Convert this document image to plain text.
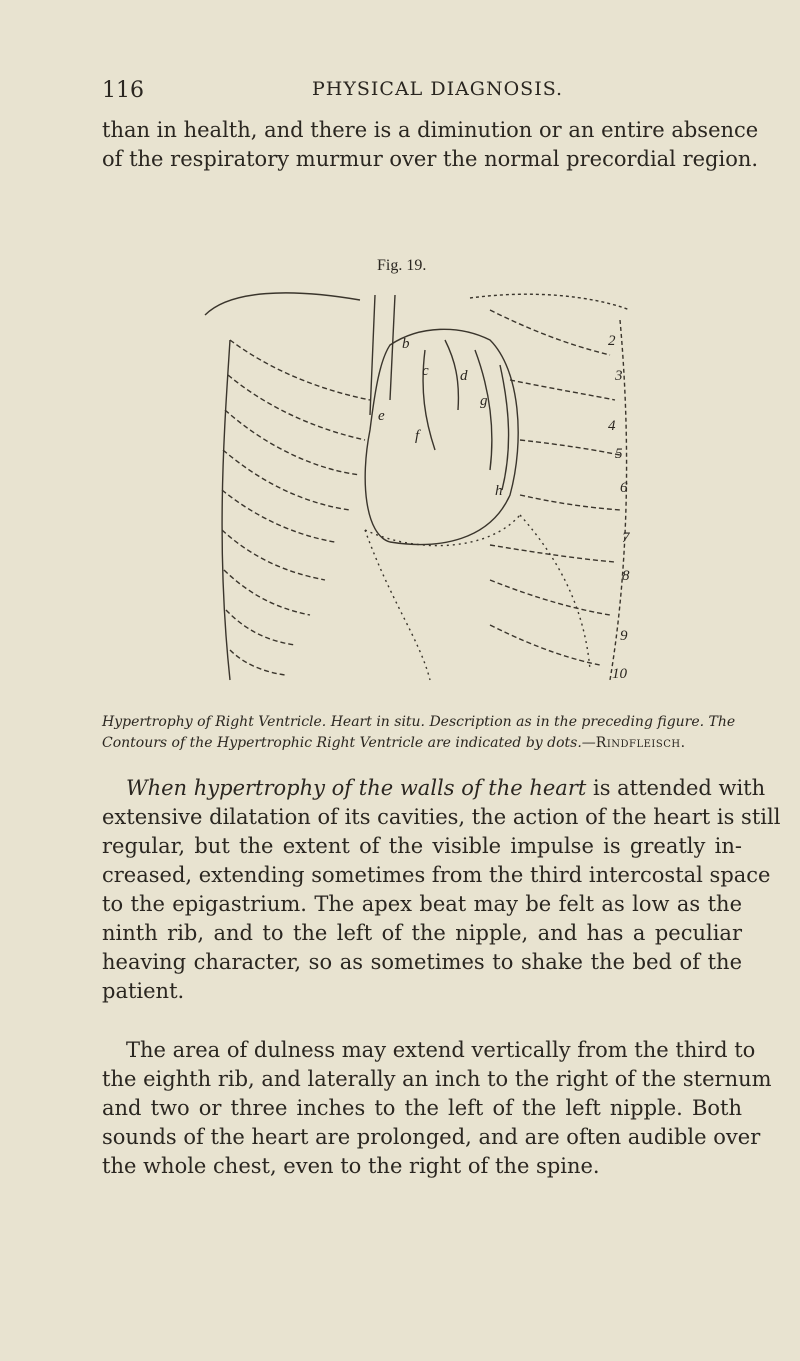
116	PHYSICAL DIAGNOSIS.

than in health, and there is a diminution or an entire absence
of the respiratory murmur over the normal precordial region.

Fig. 19.
b
c d
e
f
g
h
2
3
4
5
6
7
8
9
10
Hypertrophy of Right Ventricle. Heart in situ. Description as in the preceding figure. The
Contours of the Hypertrophic Right Ventricle are indicated by dots.—Rindfleisch.

When hypertrophy of the walls of the heart is attended with
extensive dilatation of its cavities, the action of the heart is still
regular, but the extent of the visible impulse is greatly in-
creased, extending sometimes from the third intercostal space
to the epigastrium. The apex beat may be felt as low as the
ninth rib, and to the left of the nipple, and has a peculiar
heaving character, so as sometimes to shake the bed of the
patient.

The area of dulness may extend vertically from the third to
the eighth rib, and laterally an inch to the right of the sternum
and two or three inches to the left of the left nipple. Both
sounds of the heart are prolonged, and are often audible over
the whole chest, even to the right of the spine.
